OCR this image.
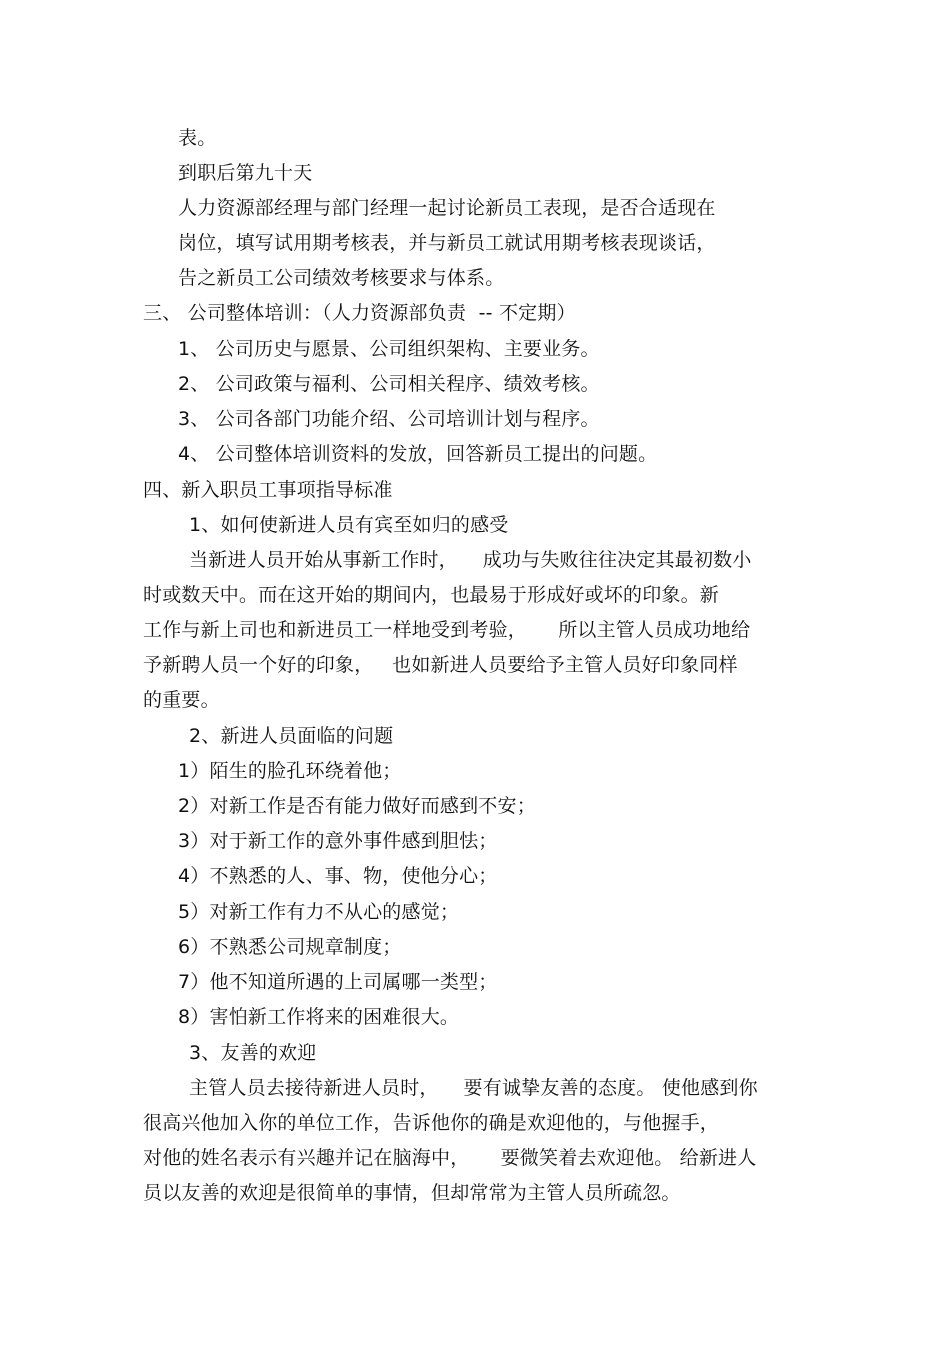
表。
到职后第九十天
人力资源部经理与部门经理一起讨论新员工表现，是否合适现在
岗位，填写试用期考核表，并与新员工就试用期考核表现谈话，
告之新员工公司绩效考核要求与体系。
三、 公司整体培训：（人力资源部负责  -- 不定期）
1、 公司历史与愿景、公司组织架构、主要业务。
2、 公司政策与福利、公司相关程序、绩效考核。
3、 公司各部门功能介绍、公司培训计划与程序。
4、 公司整体培训资料的发放，回答新员工提出的问题。
四、新入职员工事项指导标准
1、如何使新进人员有宾至如归的感受
当新进人员开始从事新工作时，    成功与失败往往决定其最初数小
时或数天中。而在这开始的期间内，也最易于形成好或坏的印象。新
工作与新上司也和新进员工一样地受到考验，     所以主管人员成功地给
予新聘人员一个好的印象，   也如新进人员要给予主管人员好印象同样
的重要。
2、新进人员面临的问题
1）陌生的脸孔环绕着他；
2）对新工作是否有能力做好而感到不安；
3）对于新工作的意外事件感到胆怯；
4）不熟悉的人、事、物，使他分心；
5）对新工作有力不从心的感觉；
6）不熟悉公司规章制度；
7）他不知道所遇的上司属哪一类型；
8）害怕新工作将来的困难很大。
3、友善的欢迎
主管人员去接待新进人员时，    要有诚挚友善的态度。 使他感到你
很高兴他加入你的单位工作，告诉他你的确是欢迎他的，与他握手，
对他的姓名表示有兴趣并记在脑海中，     要微笑着去欢迎他。 给新进人
员以友善的欢迎是很简单的事情，但却常常为主管人员所疏忽。
